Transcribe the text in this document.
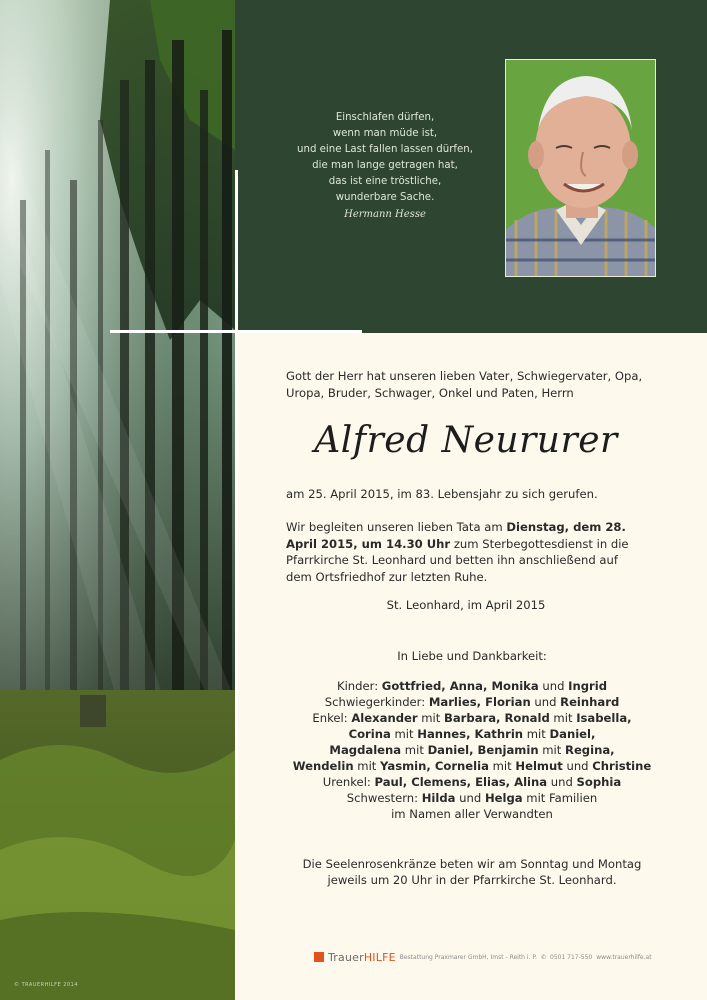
© TRAUERHILFE 2014
Einschlafen dürfen,
wenn man müde ist,
und eine Last fallen lassen dürfen,
die man lange getragen hat,
das ist eine tröstliche,
wunderbare Sache.
Hermann Hesse

Gott der Herr hat unseren lieben Vater, Schwiegervater, Opa, Uropa, Bruder, Schwager, Onkel und Paten, Herrn

Alfred Neururer
am 25. April 2015, im 83. Lebensjahr zu sich gerufen.
Wir begleiten unseren lieben Tata am Dienstag, dem 28. April 2015, um 14.30 Uhr zum Sterbegottesdienst in die Pfarrkirche St. Leonhard und betten ihn anschließend auf dem Ortsfriedhof zur letzten Ruhe.
St. Leonhard, im April 2015
In Liebe und Dankbarkeit:
Kinder: Gottfried, Anna, Monika und Ingrid
Schwiegerkinder: Marlies, Florian und Reinhard
Enkel: Alexander mit Barbara, Ronald mit Isabella,
Corina mit Hannes, Kathrin mit Daniel,
Magdalena mit Daniel, Benjamin mit Regina,
Wendelin mit Yasmin, Cornelia mit Helmut und Christine
Urenkel: Paul, Clemens, Elias, Alina und Sophia
Schwestern: Hilda und Helga mit Familien
im Namen aller Verwandten
Die Seelenrosenkränze beten wir am Sonntag und Montag
jeweils um 20 Uhr in der Pfarrkirche St. Leonhard.
TrauerHILFE Bestattung Praxmarer GmbH, Imst - Reith i. P. ✆ 0501 717-550 www.trauerhilfe.at
